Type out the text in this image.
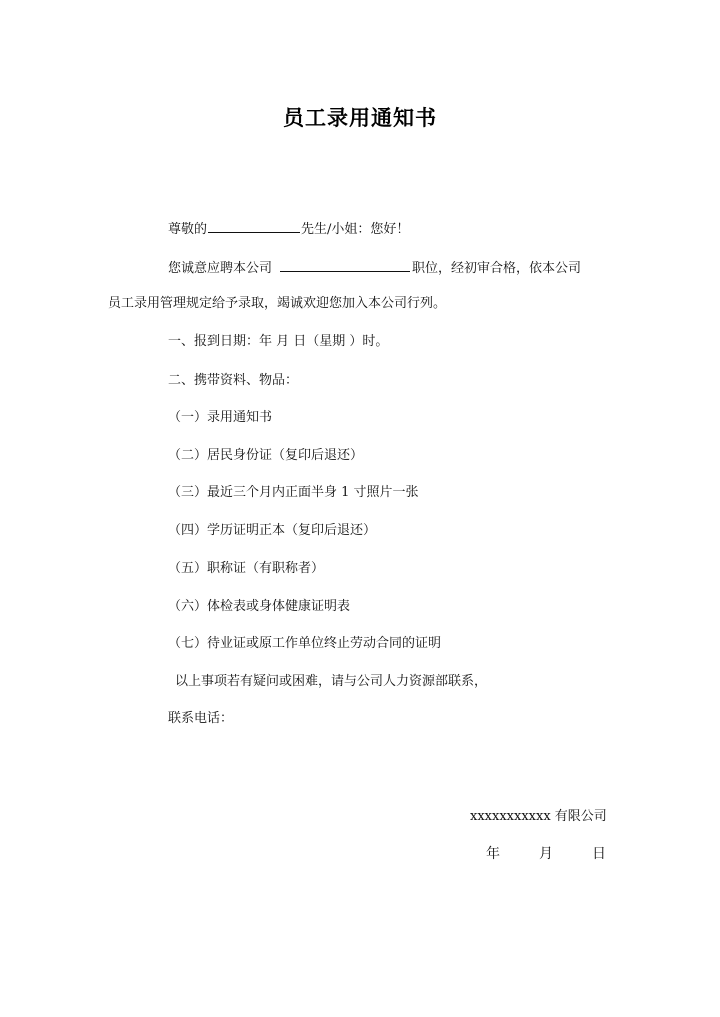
员工录用通知书
尊敬的	先生/小姐：您好！
您诚意应聘本公司	职位，经初审合格，依本公司
员工录用管理规定给予录取，竭诚欢迎您加入本公司行列。
一、报到日期：年 月 日（星期 ）时。
二、携带资料、物品：
（一）录用通知书
（二）居民身份证（复印后退还）
（三）最近三个月内正面半身 1 寸照片一张
（四）学历证明正本（复印后退还）
（五）职称证（有职称者）
（六）体检表或身体健康证明表
（七）待业证或原工作单位终止劳动合同的证明
以上事项若有疑问或困难，请与公司人力资源部联系，
联系电话：
xxxxxxxxxxx 有限公司
年	月	日
